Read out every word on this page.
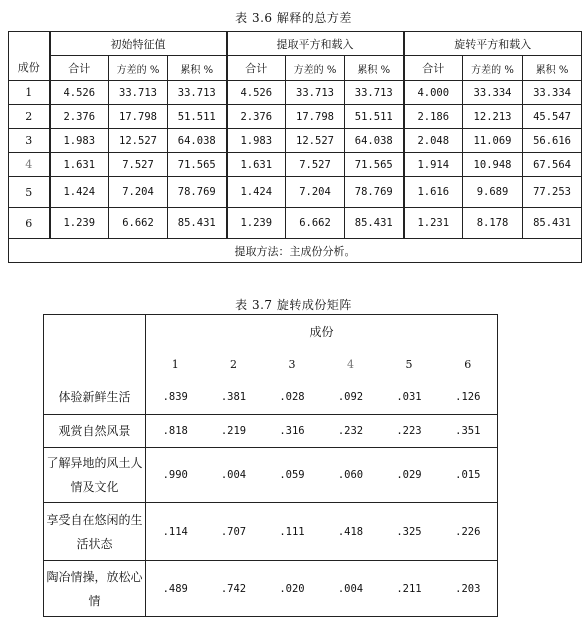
表 3.6 解释的总方差
成份	初始特征值			提取平方和载入			旋转平方和载入		
	合计	方差的 %	累积 %	合计	方差的 %	累积 %	合计	方差的 %	累积 %
1	4.526	33.713	33.713	4.526	33.713	33.713	4.000	33.334	33.334
2	2.376	17.798	51.511	2.376	17.798	51.511	2.186	12.213	45.547
3	1.983	12.527	64.038	1.983	12.527	64.038	2.048	11.069	56.616
4	1.631	7.527	71.565	1.631	7.527	71.565	1.914	10.948	67.564
5	1.424	7.204	78.769	1.424	7.204	78.769	1.616	9.689	77.253
6	1.239	6.662	85.431	1.239	6.662	85.431	1.231	8.178	85.431
提取方法：主成份分析。									
表 3.7 旋转成份矩阵
	成份					
	1	2	3	4	5	6
体验新鲜生活	.839	.381	.028	.092	.031	.126
观赏自然风景	.818	.219	.316	.232	.223	.351
了解异地的风土人情及文化	.990	.004	.059	.060	.029	.015
享受自在悠闲的生活状态	.114	.707	.111	.418	.325	.226
陶冶情操，放松心情	.489	.742	.020	.004	.211	.203
